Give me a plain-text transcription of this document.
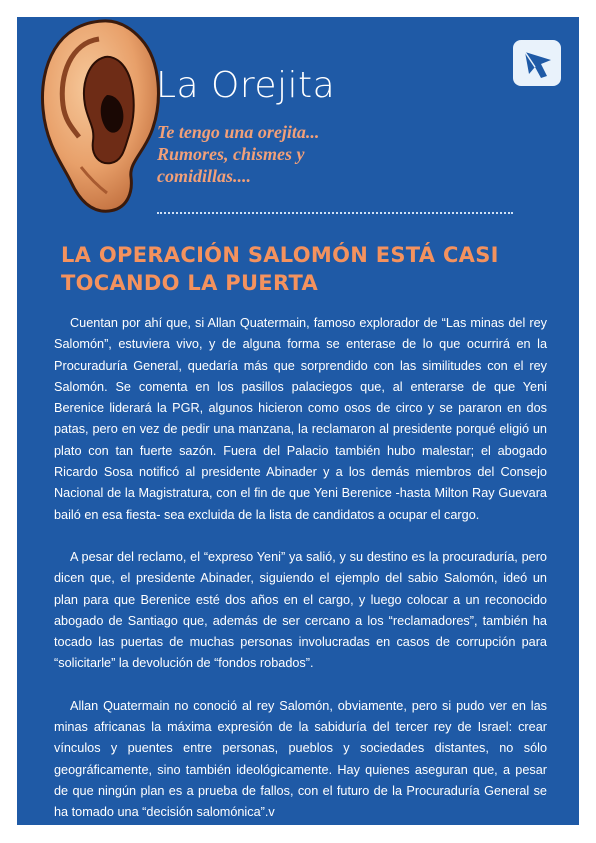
La Orejita
Te tengo una orejita...
Rumores, chismes y
comidillas....
LA OPERACIÓN SALOMÓN ESTÁ CASI
TOCANDO LA PUERTA

Cuentan por ahí que, si Allan Quatermain, famoso explorador de “Las minas del rey Salomón”, estuviera vivo, y de alguna forma se enterase de lo que ocurrirá en la Procuraduría General, quedaría más que sorprendido con las similitudes con el rey Salomón. Se comenta en los pasillos palaciegos que, al enterarse de que Yeni Berenice liderará la PGR, algunos hicieron como osos de circo y se pararon en dos patas, pero en vez de pedir una manzana, la reclamaron al presidente porqué eligió un plato con tan fuerte sazón. Fuera del Palacio también hubo malestar; el abogado Ricardo Sosa notificó al presidente Abinader y a los demás miembros del Consejo Nacional de la Magistratura, con el fin de que Yeni Berenice -hasta Milton Ray Guevara bailó en esa fiesta- sea excluida de la lista de candidatos a ocupar el cargo.

A pesar del reclamo, el “expreso Yeni” ya salió, y su destino es la procuraduría, pero dicen que, el presidente Abinader, siguiendo el ejemplo del sabio Salomón, ideó un plan para que Berenice esté dos años en el cargo, y luego colocar a un reconocido abogado de Santiago que, además de ser cercano a los “reclamadores”, también ha tocado las puertas de muchas personas involucradas en casos de corrupción para “solicitarle” la devolución de “fondos robados”.

Allan Quatermain no conoció al rey Salomón, obviamente, pero si pudo ver en las minas africanas la máxima expresión de la sabiduría del tercer rey de Israel: crear vínculos y puentes entre personas, pueblos y sociedades distantes, no sólo geográficamente, sino también ideológicamente. Hay quienes aseguran que, a pesar de que ningún plan es a prueba de fallos, con el futuro de la Procuraduría General se ha tomado una “decisión salomónica”.v
